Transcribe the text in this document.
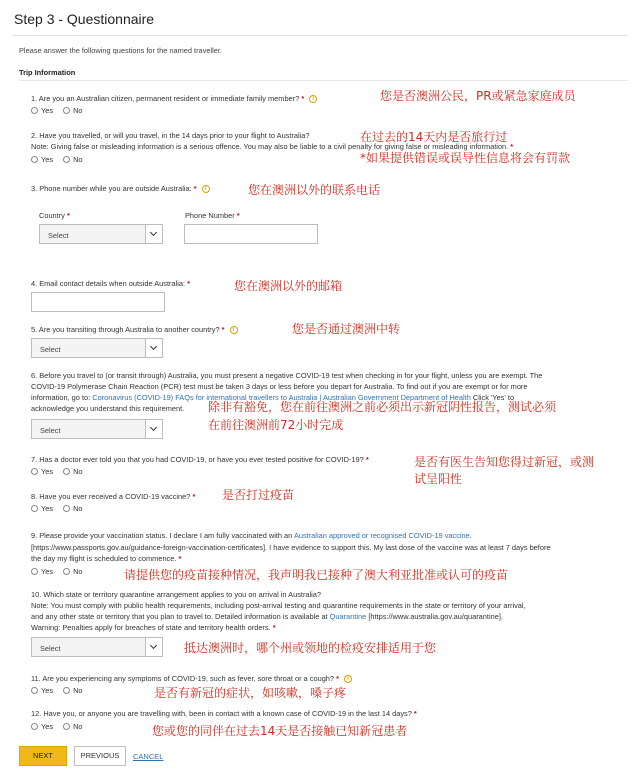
Step 3 - Questionnaire
Please answer the following questions for the named traveller.
Trip Information
1. Are you an Australian citizen, permanent resident or immediate family member? * i
Yes	No
您是否澳洲公民，PR或紧急家庭成员
2. Have you travelled, or will you travel, in the 14 days prior to your flight to Australia?
Note: Giving false or misleading information is a serious offence. You may also be liable to a civil penalty for giving false or misleading information. *
Yes	No
在过去的14天内是否旅行过
*如果提供错误或误导性信息将会有罚款
3. Phone number while you are outside Australia: * i	您在澳洲以外的联系电话
Country *	Phone Number *
Select
4. Email contact details when outside Australia: *	您在澳洲以外的邮箱
5. Are you transiting through Australia to another country? * i	您是否通过澳洲中转
Select
6. Before you travel to (or transit through) Australia, you must present a negative COVID-19 test when checking in for your flight, unless you are exempt. The
COVID-19 Polymerase Chain Reaction (PCR) test must be taken 3 days or less before you depart for Australia. To find out if you are exempt or for more
information, go to: Coronavirus (COVID-19) FAQs for international travellers to Australia | Australian Government Department of Health Click 'Yes' to
acknowledge you understand this requirement. 除非有豁免，您在前往澳洲之前必须出示新冠阴性报告，测试必须
在前往澳洲前72小时完成
Select
7. Has a doctor ever told you that you had COVID-19, or have you ever tested positive for COVID-19? *
Yes	No
是否有医生告知您得过新冠，或测
试呈阳性
8. Have you ever received a COVID-19 vaccine? * 是否打过疫苗
Yes	No
9. Please provide your vaccination status. I declare I am fully vaccinated with an Australian approved or recognised COVID-19 vaccine.
[https://www.passports.gov.au/guidance-foreign-vaccination-certificates]. I have evidence to support this. My last dose of the vaccine was at least 7 days before
the day my flight is scheduled to commence. *
Yes	No	请提供您的疫苗接种情况，我声明我已接种了澳大利亚批准或认可的疫苗
10. Which state or territory quarantine arrangement applies to you on arrival in Australia?
Note: You must comply with public health requirements, including post-arrival testing and quarantine requirements in the state or territory of your arrival,
and any other state or territory that you plan to travel to. Detailed information is available at Quarantine [https://www.australia.gov.au/quarantine].
Warning: Penalties apply for breaches of state and territory health orders. *
Select	抵达澳洲时，哪个州或领地的检疫安排适用于您
11. Are you experiencing any symptoms of COVID-19, such as fever, sore throat or a cough? * i
Yes	No	是否有新冠的症状，如咳嗽，嗓子疼
12. Have you, or anyone you are travelling with, been in contact with a known case of COVID-19 in the last 14 days? *
Yes	No	您或您的同伴在过去14天是否接触已知新冠患者
NEXT	PREVIOUS	CANCEL
